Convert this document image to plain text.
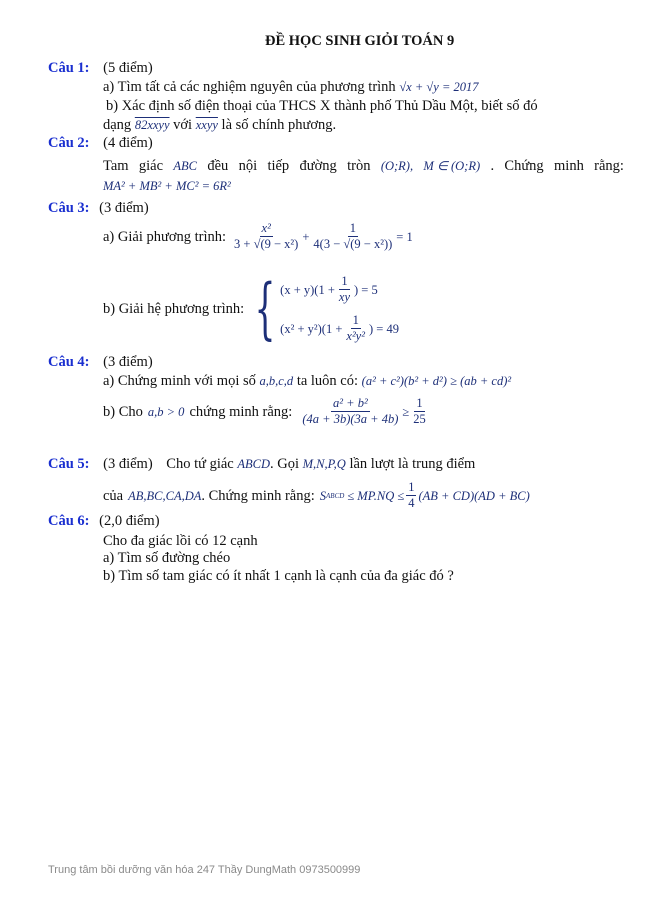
ĐỀ HỌC SINH GIỎI TOÁN 9
Câu 1: (5 điểm)
a) Tìm tất cả các nghiệm nguyên của phương trình √x + √y = 2017
b) Xác định số điện thoại của THCS X thành phố Thủ Dầu Một, biết số đó
dạng 82xxyy với xxyy là số chính phương.
Câu 2: (4 điểm)
Tam giác ABC đều nội tiếp đường tròn (O;R), M ∈ (O;R) . Chứng minh rằng:
MA² + MB² + MC² = 6R²
Câu 3: (3 điểm)
a) Giải phương trình: $\frac{\text{x²}}{\text{3 + √(9 − x²)}} + \frac{1}{\text{4(3 − √(9 − x²))}} = 1$
b) Giải hệ phương trình: { $(x + y)(1 + \frac{1}{xy}$ ) = 5
$(x^2 + y^2)(1 + \frac{1}{\text{x²y²}}$ ) = 49
Câu 4: (3 điểm)
a) Chứng minh với mọi số a,b,c,d ta luôn có: (a² + c²)(b² + d²) ≥ (ab + cd)²
b) Cho a,b > 0 chứng minh rằng: $\frac{\text{a² + b²}}{(4a + 3b)(3a + 4b)} \ge \frac{1}{25}$
Câu 5: (3 điểm) Cho tứ giác ABCD. Gọi M,N,P,Q lần lượt là trung điểm
của AB,BC,CA,DA . Chứng minh rằng: S ABCD ≤ $MP.NQ \le \frac{1}{4} (AB + CD)(AD + BC)$
Câu 6: (2,0 điểm)
Cho đa giác lồi có 12 cạnh
a) Tìm số đường chéo
b) Tìm số tam giác có ít nhất 1 cạnh là cạnh của đa giác đó ?
Trung tâm bồi dưỡng văn hóa 247 Thầy DungMath 0973500999
